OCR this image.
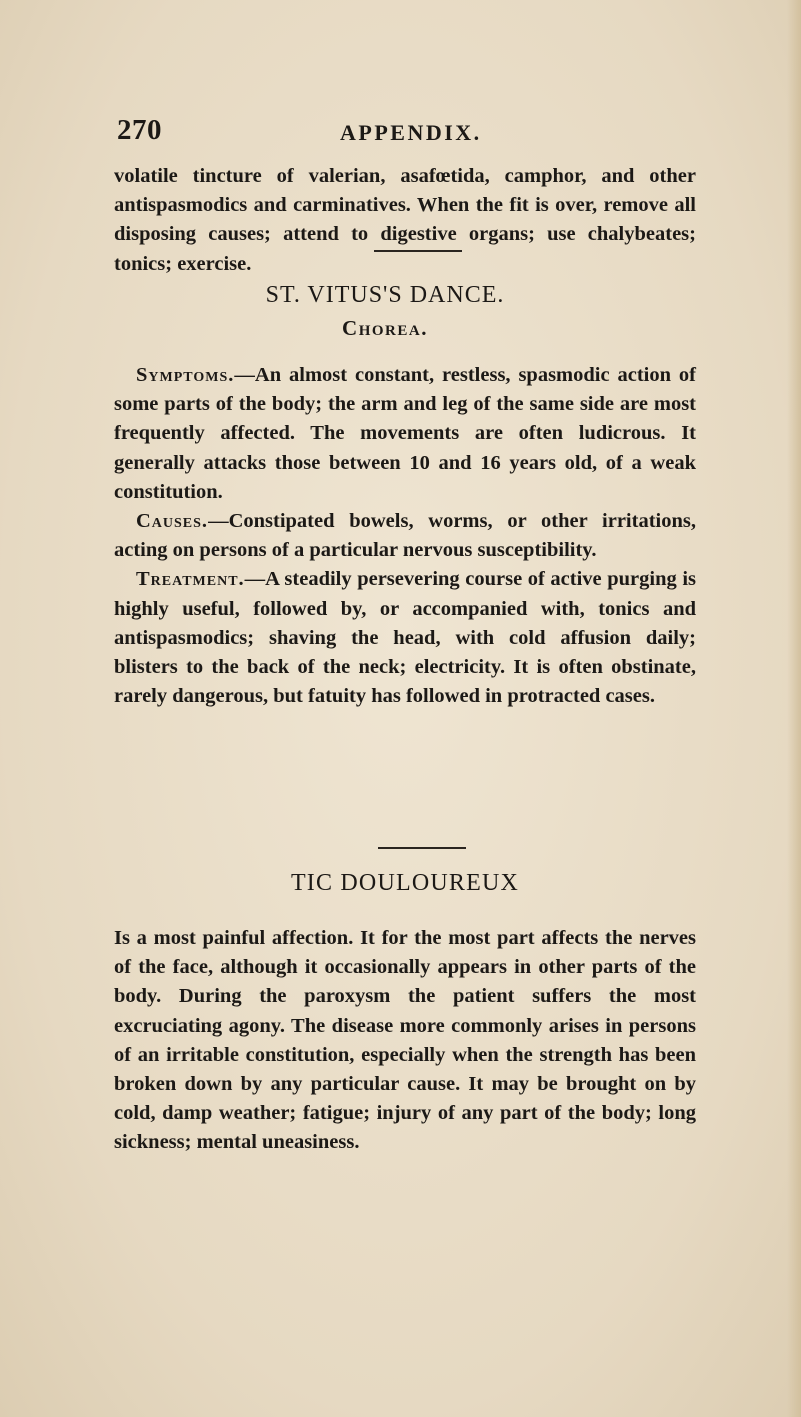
270	APPENDIX.

volatile tincture of valerian, asafœtida, camphor, and other antispasmodics and carminatives. When the fit is over, remove all disposing causes; attend to digestive organs; use chalybeates; tonics; exercise.

ST. VITUS'S DANCE.
Chorea.

Symptoms.—An almost constant, restless, spasmodic action of some parts of the body; the arm and leg of the same side are most frequently affected. The movements are often ludicrous. It generally attacks those between 10 and 16 years old, of a weak constitution.

Causes.—Constipated bowels, worms, or other irritations, acting on persons of a particular nervous susceptibility.

Treatment.—A steadily persevering course of active purging is highly useful, followed by, or accompanied with, tonics and antispasmodics; shaving the head, with cold affusion daily; blisters to the back of the neck; electricity. It is often obstinate, rarely dangerous, but fatuity has followed in protracted cases.

TIC DOULOUREUX

Is a most painful affection. It for the most part affects the nerves of the face, although it occasionally appears in other parts of the body. During the paroxysm the patient suffers the most excruciating agony. The disease more commonly arises in persons of an irritable constitution, especially when the strength has been broken down by any particular cause. It may be brought on by cold, damp weather; fatigue; injury of any part of the body; long sickness; mental uneasiness.
